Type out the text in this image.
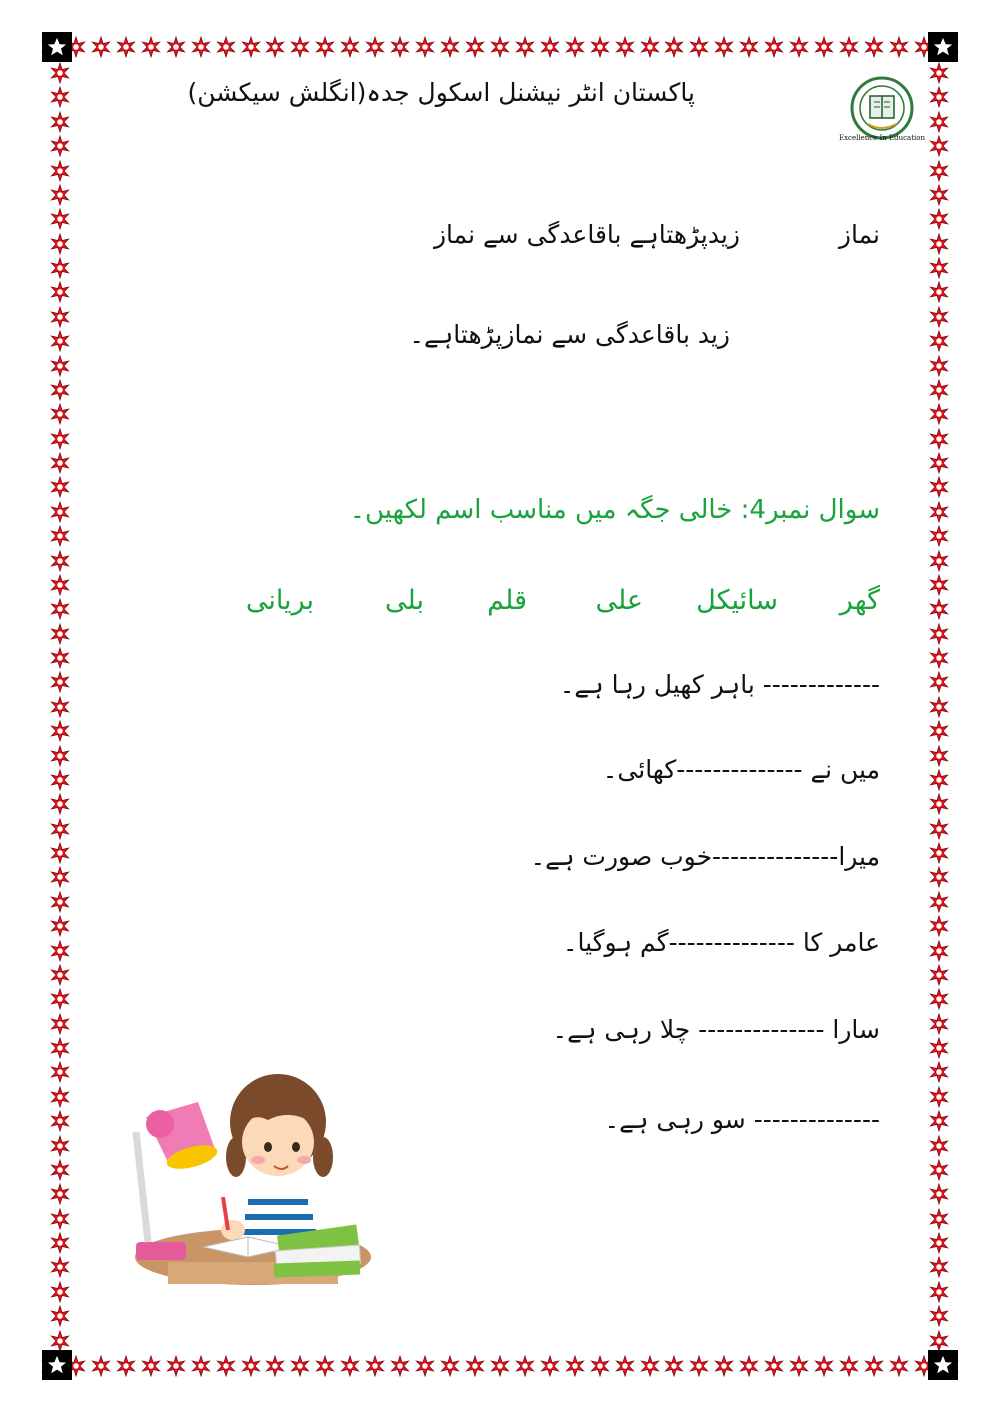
پاکستان انٹر نیشنل اسکول جدہ(انگلش سیکشن)
Excellence In Education
نماز
زیدپڑھتاہے باقاعدگی سے نماز
زید باقاعدگی سے نمازپڑھتاہے۔
سوال نمبر4: خالی جگہ میں مناسب اسم لکھیں۔
گھر
سائیکل
علی
قلم
بلی
بریانی
------------- باہر کھیل رہا ہے۔
میں نے --------------کھائی۔
میرا--------------خوب صورت ہے۔
عامر کا --------------گم ہوگیا۔
سارا -------------- چلا رہی ہے۔
-------------- سو رہی ہے۔
